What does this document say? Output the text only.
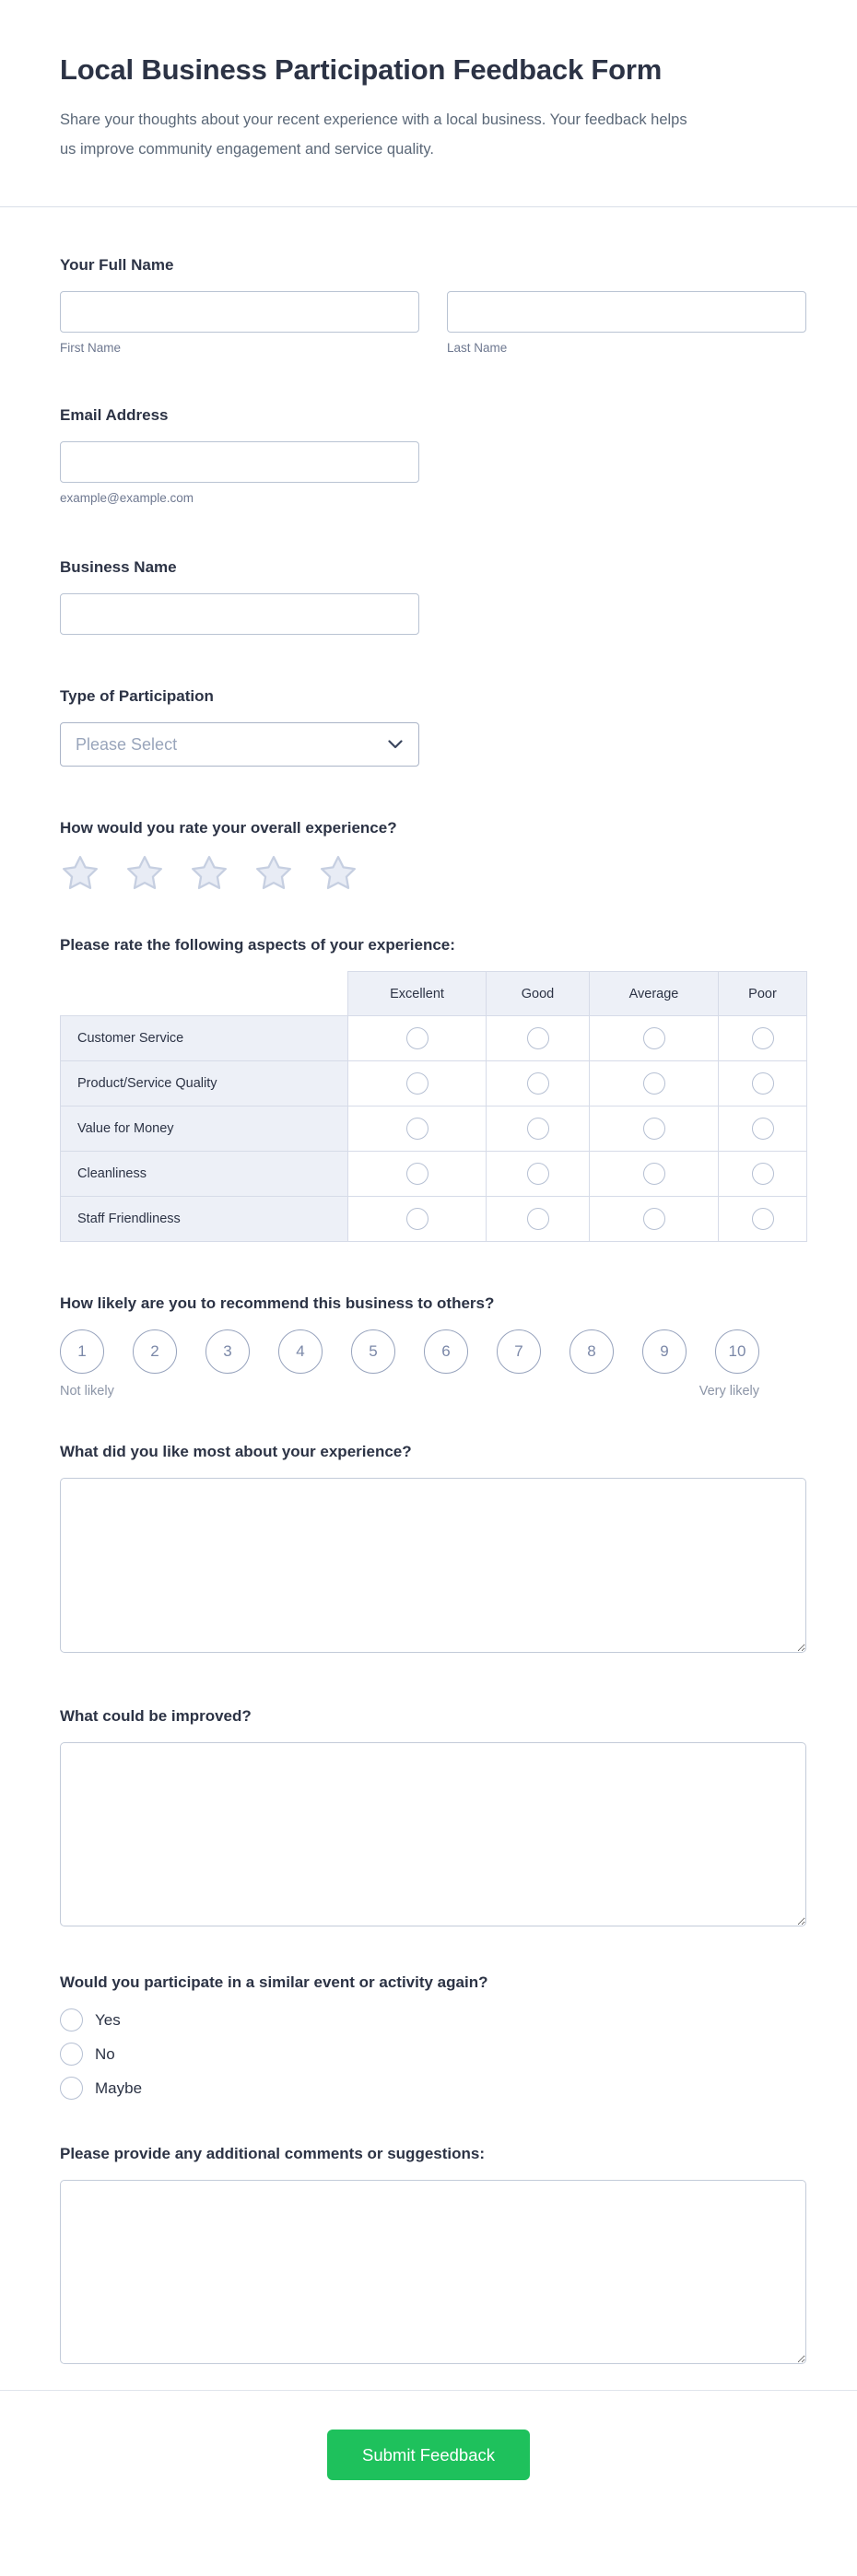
Local Business Participation Feedback Form
Share your thoughts about your recent experience with a local business. Your feedback helps us improve community engagement and service quality.
Your Full Name
First Name	Last Name
Email Address
example@example.com
Business Name
Type of Participation
Please Select
How would you rate your overall experience?
Please rate the following aspects of your experience:
	Excellent	Good	Average	Poor
Customer Service				
Product/Service Quality				
Value for Money				
Cleanliness				
Staff Friendliness				
How likely are you to recommend this business to others?
1	2	3	4	5	6	7	8	9	10
Not likely	Very likely
What did you like most about your experience?
What could be improved?
Would you participate in a similar event or activity again?
Yes
No
Maybe
Please provide any additional comments or suggestions:
Submit Feedback
